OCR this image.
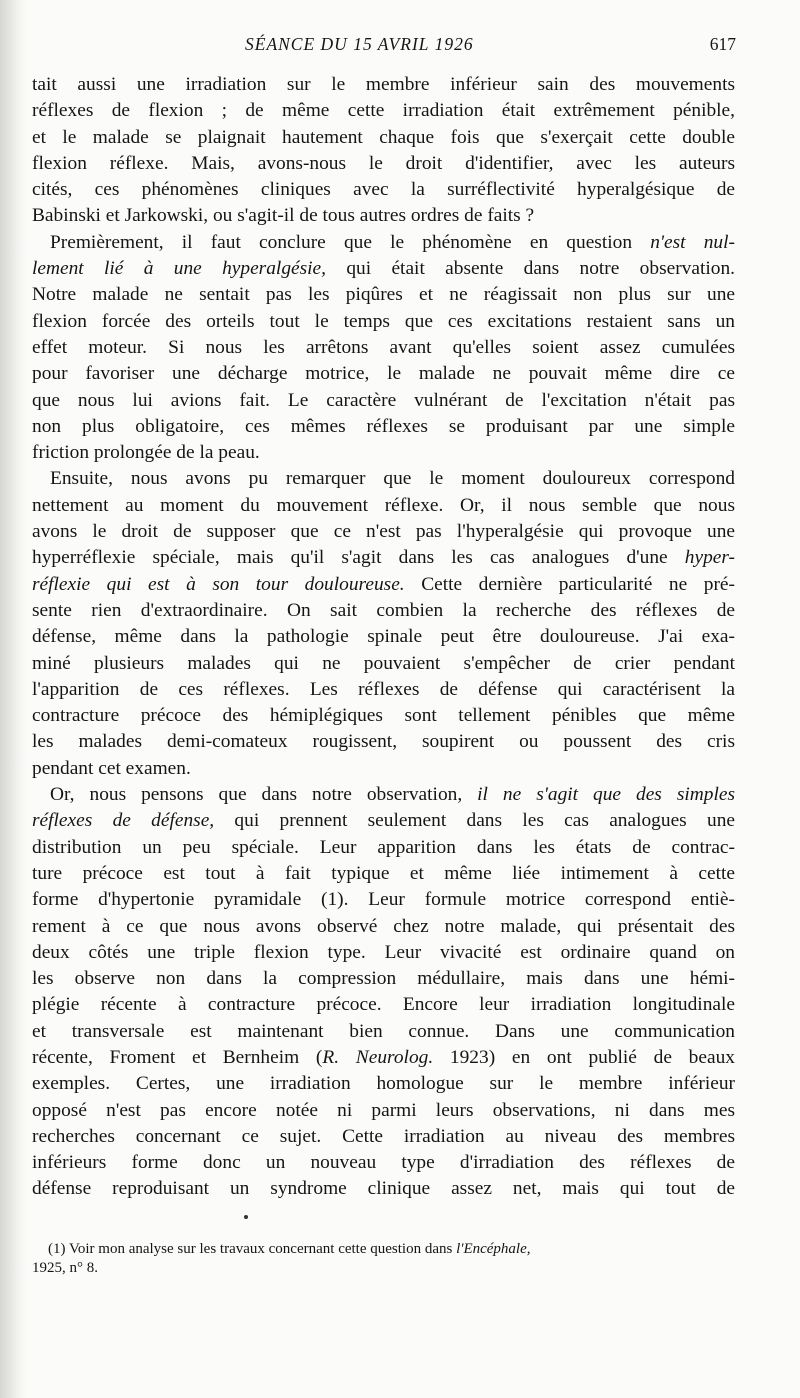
SÉANCE DU 15 AVRIL 1926	617

tait aussi une irradiation sur le membre inférieur sain des mouvements
réflexes de flexion ; de même cette irradiation était extrêmement pénible,
et le malade se plaignait hautement chaque fois que s'exerçait cette double
flexion réflexe. Mais, avons-nous le droit d'identifier, avec les auteurs
cités, ces phénomènes cliniques avec la surréflectivité hyperalgésique de
Babinski et Jarkowski, ou s'agit-il de tous autres ordres de faits ?

Premièrement, il faut conclure que le phénomène en question n'est nul-
lement lié à une hyperalgésie, qui était absente dans notre observation.
Notre malade ne sentait pas les piqûres et ne réagissait non plus sur une
flexion forcée des orteils tout le temps que ces excitations restaient sans un
effet moteur. Si nous les arrêtons avant qu'elles soient assez cumulées
pour favoriser une décharge motrice, le malade ne pouvait même dire ce
que nous lui avions fait. Le caractère vulnérant de l'excitation n'était pas
non plus obligatoire, ces mêmes réflexes se produisant par une simple
friction prolongée de la peau.

Ensuite, nous avons pu remarquer que le moment douloureux correspond
nettement au moment du mouvement réflexe. Or, il nous semble que nous
avons le droit de supposer que ce n'est pas l'hyperalgésie qui provoque une
hyperréflexie spéciale, mais qu'il s'agit dans les cas analogues d'une hyper-
réflexie qui est à son tour douloureuse. Cette dernière particularité ne pré-
sente rien d'extraordinaire. On sait combien la recherche des réflexes de
défense, même dans la pathologie spinale peut être douloureuse. J'ai exa-
miné plusieurs malades qui ne pouvaient s'empêcher de crier pendant
l'apparition de ces réflexes. Les réflexes de défense qui caractérisent la
contracture précoce des hémiplégiques sont tellement pénibles que même
les malades demi-comateux rougissent, soupirent ou poussent des cris
pendant cet examen.

Or, nous pensons que dans notre observation, il ne s'agit que des simples
réflexes de défense, qui prennent seulement dans les cas analogues une
distribution un peu spéciale. Leur apparition dans les états de contrac-
ture précoce est tout à fait typique et même liée intimement à cette
forme d'hypertonie pyramidale (1). Leur formule motrice correspond entiè-
rement à ce que nous avons observé chez notre malade, qui présentait des
deux côtés une triple flexion type. Leur vivacité est ordinaire quand on
les observe non dans la compression médullaire, mais dans une hémi-
plégie récente à contracture précoce. Encore leur irradiation longitudinale
et transversale est maintenant bien connue. Dans une communication
récente, Froment et Bernheim (R. Neurolog. 1923) en ont publié de beaux
exemples. Certes, une irradiation homologue sur le membre inférieur
opposé n'est pas encore notée ni parmi leurs observations, ni dans mes
recherches concernant ce sujet. Cette irradiation au niveau des membres
inférieurs forme donc un nouveau type d'irradiation des réflexes de
défense reproduisant un syndrome clinique assez net, mais qui tout de

(1) Voir mon analyse sur les travaux concernant cette question dans l'Encéphale,
1925, n° 8.
